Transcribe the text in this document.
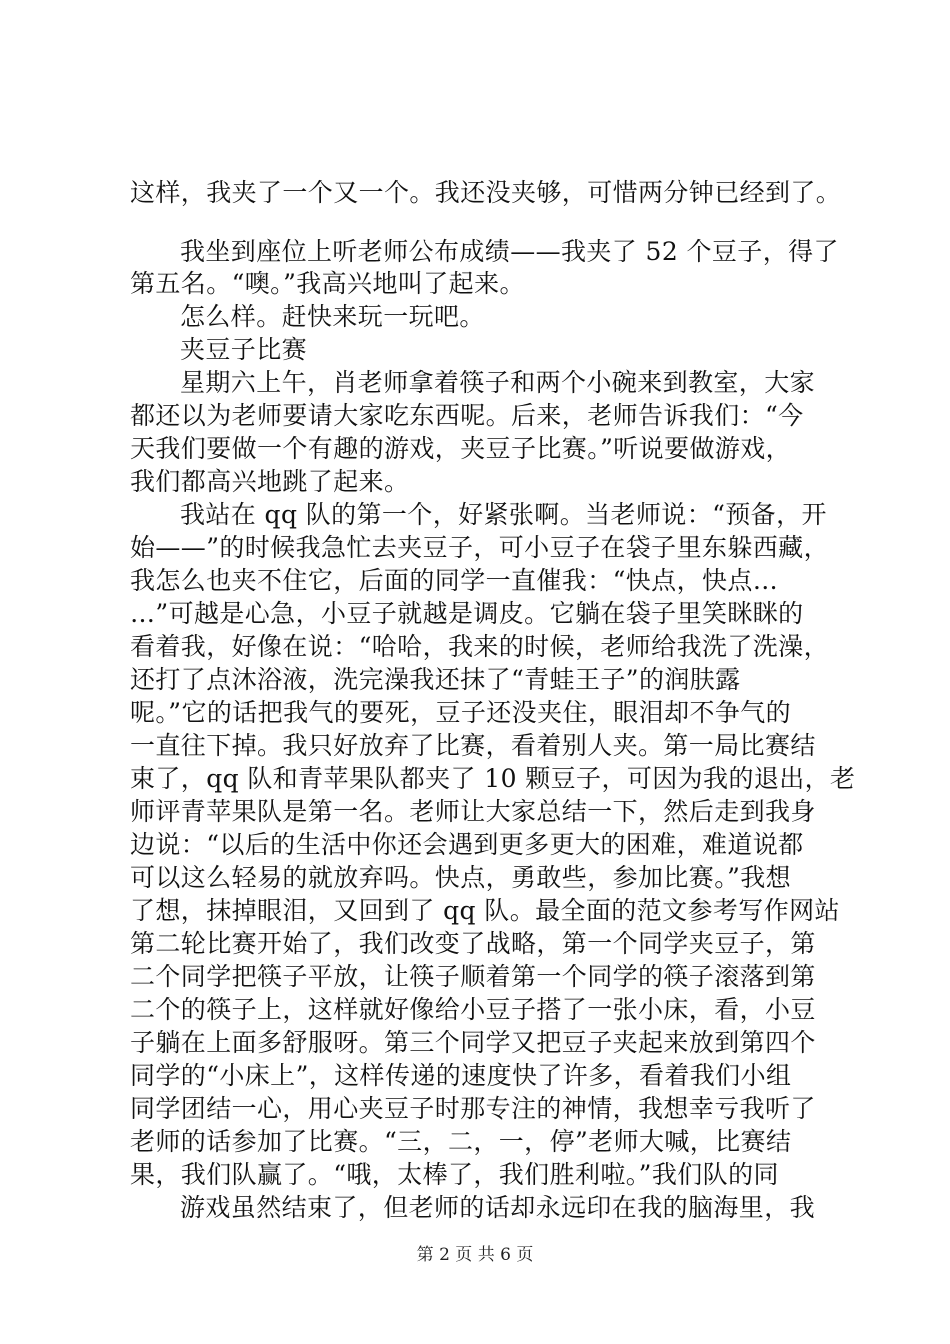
这样，我夹了一个又一个。我还没夹够，可惜两分钟已经到了。
我坐到座位上听老师公布成绩——我夹了 52 个豆子，得了
第五名。“噢。”我高兴地叫了起来。
怎么样。赶快来玩一玩吧。
夹豆子比赛
星期六上午，肖老师拿着筷子和两个小碗来到教室，大家
都还以为老师要请大家吃东西呢。后来，老师告诉我们：“今
天我们要做一个有趣的游戏，夹豆子比赛。”听说要做游戏，
我们都高兴地跳了起来。
我站在 qq 队的第一个，好紧张啊。当老师说：“预备，开
始——”的时候我急忙去夹豆子，可小豆子在袋子里东躲西藏，
我怎么也夹不住它，后面的同学一直催我：“快点，快点…
…”可越是心急，小豆子就越是调皮。它躺在袋子里笑眯眯的
看着我，好像在说：“哈哈，我来的时候，老师给我洗了洗澡，
还打了点沐浴液，洗完澡我还抹了“青蛙王子”的润肤露
呢。”它的话把我气的要死，豆子还没夹住，眼泪却不争气的
一直往下掉。我只好放弃了比赛，看着别人夹。第一局比赛结
束了，qq 队和青苹果队都夹了 10 颗豆子，可因为我的退出，老
师评青苹果队是第一名。老师让大家总结一下，然后走到我身
边说：“以后的生活中你还会遇到更多更大的困难，难道说都
可以这么轻易的就放弃吗。快点，勇敢些，参加比赛。”我想
了想，抹掉眼泪，又回到了 qq 队。最全面的范文参考写作网站
第二轮比赛开始了，我们改变了战略，第一个同学夹豆子，第
二个同学把筷子平放，让筷子顺着第一个同学的筷子滚落到第
二个的筷子上，这样就好像给小豆子搭了一张小床，看，小豆
子躺在上面多舒服呀。第三个同学又把豆子夹起来放到第四个
同学的“小床上”，这样传递的速度快了许多，看着我们小组
同学团结一心，用心夹豆子时那专注的神情，我想幸亏我听了
老师的话参加了比赛。“三，二，一，停”老师大喊，比赛结
果，我们队赢了。“哦，太棒了，我们胜利啦。”我们队的同
游戏虽然结束了，但老师的话却永远印在我的脑海里，我
第 2 页 共 6 页
